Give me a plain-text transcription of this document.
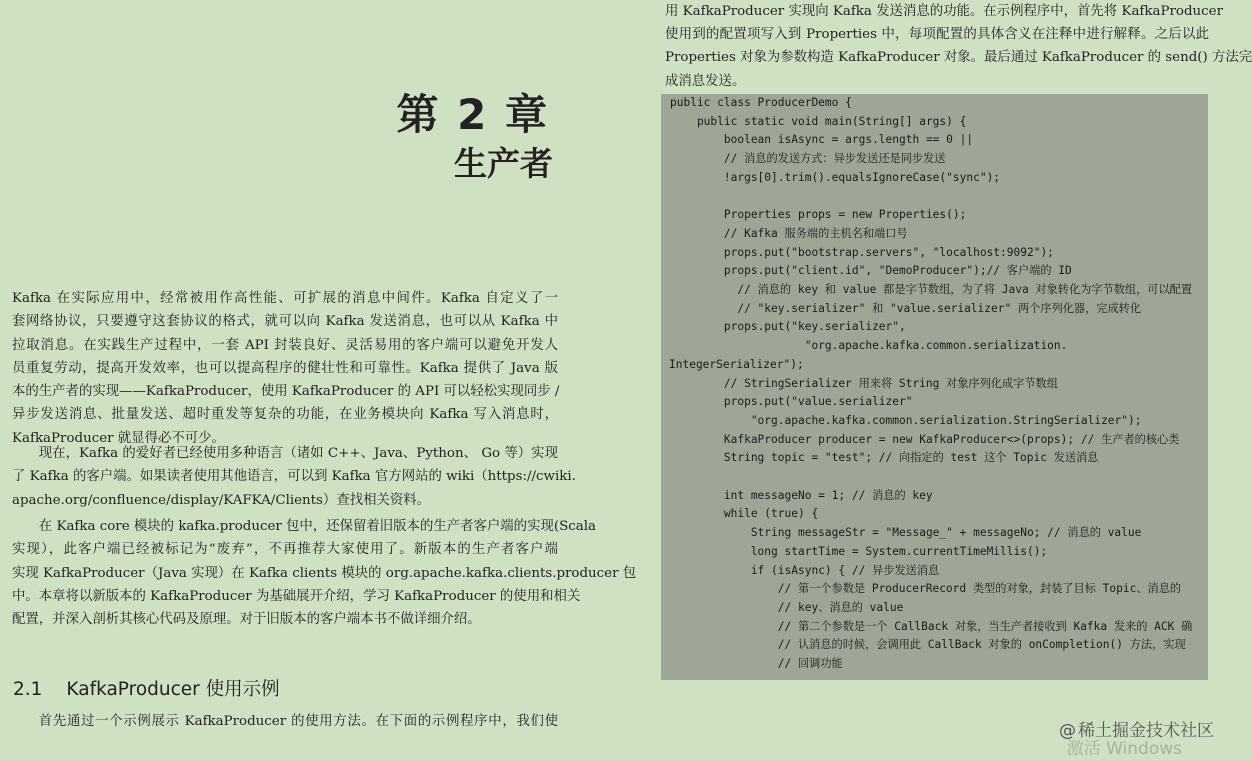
第 2 章
生产者
Kafka 在实际应用中，经常被用作高性能、可扩展的消息中间件。Kafka 自定义了一
套网络协议，只要遵守这套协议的格式，就可以向 Kafka 发送消息，也可以从 Kafka 中
拉取消息。在实践生产过程中，一套 API 封装良好、灵活易用的客户端可以避免开发人
员重复劳动，提高开发效率，也可以提高程序的健壮性和可靠性。Kafka 提供了 Java 版
本的生产者的实现——KafkaProducer，使用 KafkaProducer 的 API 可以轻松实现同步 /
异步发送消息、批量发送、超时重发等复杂的功能，在业务模块向 Kafka 写入消息时，
KafkaProducer 就显得必不可少。
现在，Kafka 的爱好者已经使用多种语言（诸如 C++、Java、Python、 Go 等）实现
了 Kafka 的客户端。如果读者使用其他语言，可以到 Kafka 官方网站的 wiki（https://cwiki.
apache.org/confluence/display/KAFKA/Clients）查找相关资料。
在 Kafka core 模块的 kafka.producer 包中，还保留着旧版本的生产者客户端的实现(Scala
实现），此客户端已经被标记为“废弃”，不再推荐大家使用了。新版本的生产者客户端
实现 KafkaProducer（Java 实现）在 Kafka clients 模块的 org.apache.kafka.clients.producer 包
中。本章将以新版本的 KafkaProducer 为基础展开介绍，学习 KafkaProducer 的使用和相关
配置，并深入剖析其核心代码及原理。对于旧版本的客户端本书不做详细介绍。
2.1 KafkaProducer 使用示例
首先通过一个示例展示 KafkaProducer 的使用方法。在下面的示例程序中，我们使
用 KafkaProducer 实现向 Kafka 发送消息的功能。在示例程序中，首先将 KafkaProducer
使用到的配置项写入到 Properties 中，每项配置的具体含义在注释中进行解释。之后以此
Properties 对象为参数构造 KafkaProducer 对象。最后通过 KafkaProducer 的 send() 方法完
成消息发送。
public class ProducerDemo {
public static void main(String[] args) {
boolean isAsync = args.length == 0 ||
// 消息的发送方式：异步发送还是同步发送
!args[0].trim().equalsIgnoreCase("sync");
Properties props = new Properties();
// Kafka 服务端的主机名和端口号
props.put("bootstrap.servers", "localhost:9092");
props.put("client.id", "DemoProducer");// 客户端的 ID
// 消息的 key 和 value 都是字节数组，为了将 Java 对象转化为字节数组，可以配置
// "key.serializer" 和 "value.serializer" 两个序列化器，完成转化
props.put("key.serializer",
"org.apache.kafka.common.serialization.
IntegerSerializer");
// StringSerializer 用来将 String 对象序列化成字节数组
props.put("value.serializer"
"org.apache.kafka.common.serialization.StringSerializer");
KafkaProducer producer = new KafkaProducer<>(props); // 生产者的核心类
String topic = "test"; // 向指定的 test 这个 Topic 发送消息
int messageNo = 1; // 消息的 key
while (true) {
String messageStr = "Message_" + messageNo; // 消息的 value
long startTime = System.currentTimeMillis();
if (isAsync) { // 异步发送消息
// 第一个参数是 ProducerRecord 类型的对象，封装了目标 Topic、消息的
// key、消息的 value
// 第二个参数是一个 CallBack 对象，当生产者接收到 Kafka 发来的 ACK 确
// 认消息的时候，会调用此 CallBack 对象的 onCompletion() 方法，实现
// 回调功能
@ 稀土掘金技术社区
激活 Windows
